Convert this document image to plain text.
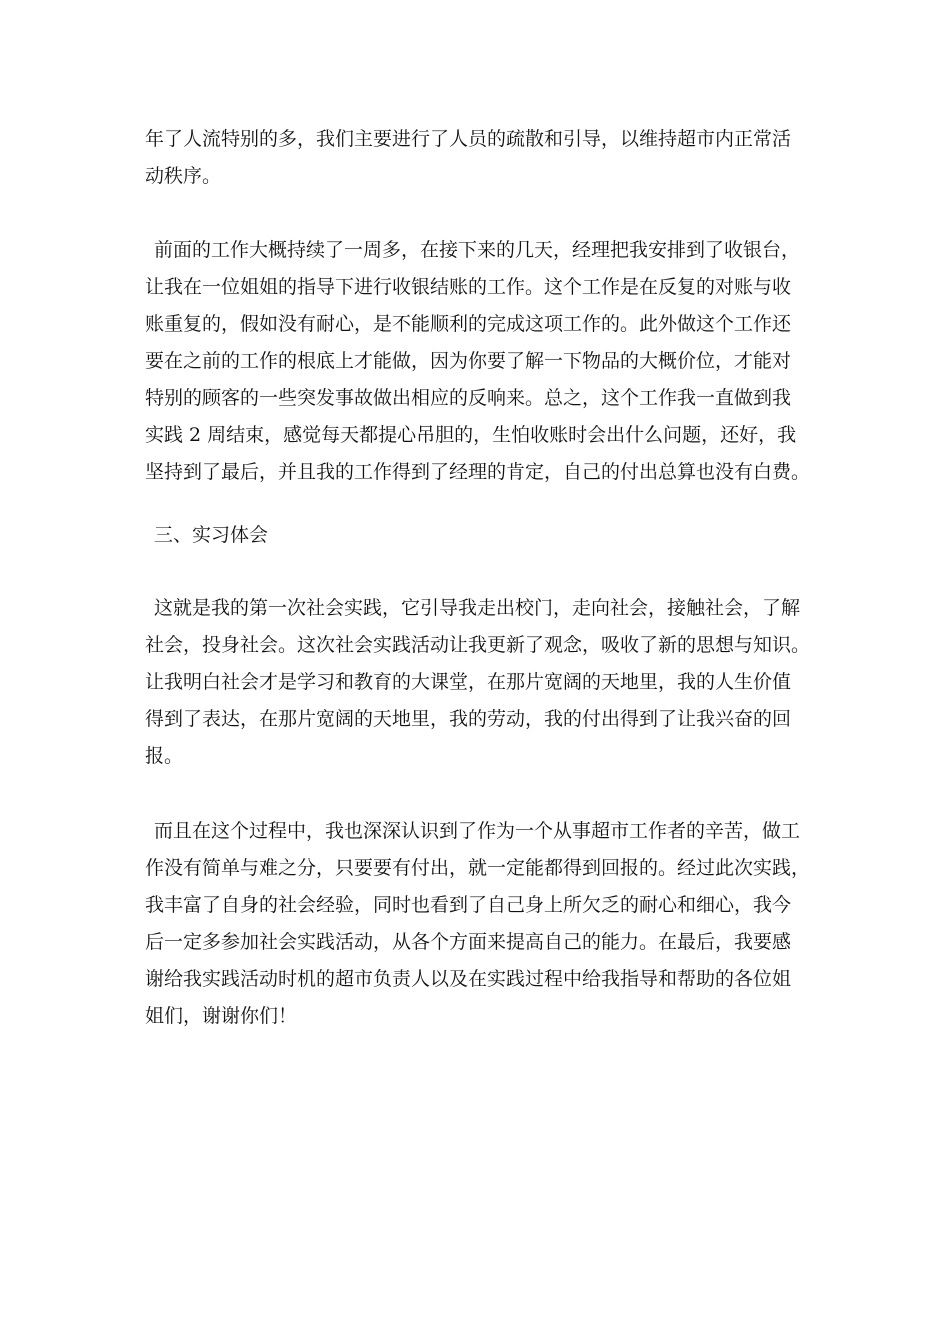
年了人流特别的多，我们主要进行了人员的疏散和引导，以维持超市内正常活
动秩序。
前面的工作大概持续了一周多，在接下来的几天，经理把我安排到了收银台，
让我在一位姐姐的指导下进行收银结账的工作。这个工作是在反复的对账与收
账重复的，假如没有耐心，是不能顺利的完成这项工作的。此外做这个工作还
要在之前的工作的根底上才能做，因为你要了解一下物品的大概价位，才能对
特别的顾客的一些突发事故做出相应的反响来。总之，这个工作我一直做到我
实践 2 周结束，感觉每天都提心吊胆的，生怕收账时会出什么问题，还好，我
坚持到了最后，并且我的工作得到了经理的肯定，自己的付出总算也没有白费。
三、实习体会
这就是我的第一次社会实践，它引导我走出校门，走向社会，接触社会，了解
社会，投身社会。这次社会实践活动让我更新了观念，吸收了新的思想与知识。
让我明白社会才是学习和教育的大课堂，在那片宽阔的天地里，我的人生价值
得到了表达，在那片宽阔的天地里，我的劳动，我的付出得到了让我兴奋的回
报。
而且在这个过程中，我也深深认识到了作为一个从事超市工作者的辛苦，做工
作没有简单与难之分，只要要有付出，就一定能都得到回报的。经过此次实践，
我丰富了自身的社会经验，同时也看到了自己身上所欠乏的耐心和细心，我今
后一定多参加社会实践活动，从各个方面来提高自己的能力。在最后，我要感
谢给我实践活动时机的超市负责人以及在实践过程中给我指导和帮助的各位姐
姐们，谢谢你们！
